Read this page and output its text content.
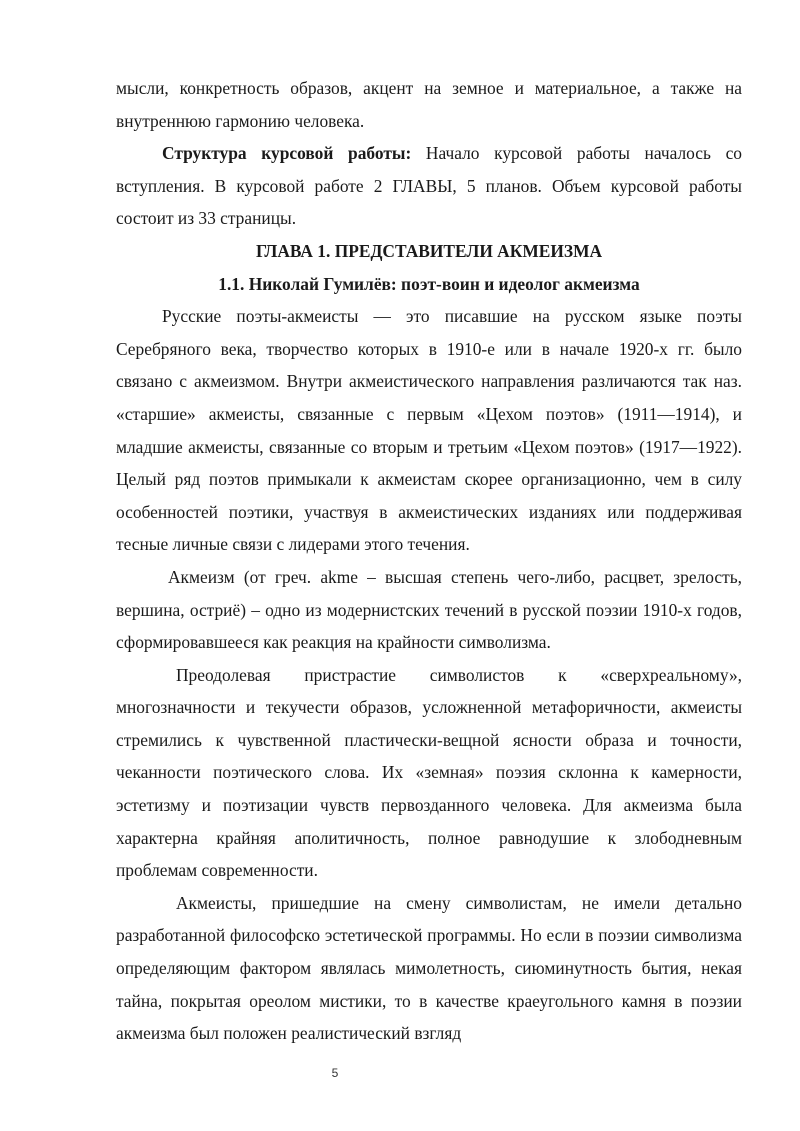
мысли, конкретность образов, акцент на земное и материальное, а также на внутреннюю гармонию человека.

Структура курсовой работы: Начало курсовой работы началось со вступления. В курсовой работе 2 ГЛАВЫ, 5 планов. Объем курсовой работы состоит из 33 страницы.

ГЛАВА 1. ПРЕДСТАВИТЕЛИ АКМЕИЗМА

1.1. Николай Гумилёв: поэт-воин и идеолог акмеизма

Русские поэты-акмеисты — это писавшие на русском языке поэты Серебряного века, творчество которых в 1910-е или в начале 1920-х гг. было связано с акмеизмом. Внутри акмеистического направления различаются так наз. «старшие» акмеисты, связанные с первым «Цехом поэтов» (1911—1914), и младшие акмеисты, связанные со вторым и третьим «Цехом поэтов» (1917—1922). Целый ряд поэтов примыкали к акмеистам скорее организационно, чем в силу особенностей поэтики, участвуя в акмеистических изданиях или поддерживая тесные личные связи с лидерами этого течения.

Акмеизм (от греч. akme – высшая степень чего-либо, расцвет, зрелость, вершина, остриё) – одно из модернистских течений в русской поэзии 1910-х годов, сформировавшееся как реакция на крайности символизма.

Преодолевая пристрастие символистов к «сверхреальному», многозначности и текучести образов, усложненной метафоричности, акмеисты стремились к чувственной пластически-вещной ясности образа и точности, чеканности поэтического слова. Их «земная» поэзия склонна к камерности, эстетизму и поэтизации чувств первозданного человека. Для акмеизма была характерна крайняя аполитичность, полное равнодушие к злободневным проблемам современности.

Акмеисты, пришедшие на смену символистам, не имели детально разработанной философско эстетической программы. Но если в поэзии символизма определяющим фактором являлась мимолетность, сиюминутность бытия, некая тайна, покрытая ореолом мистики, то в качестве краеугольного камня в поэзии акмеизма был положен реалистический взгляд

5
